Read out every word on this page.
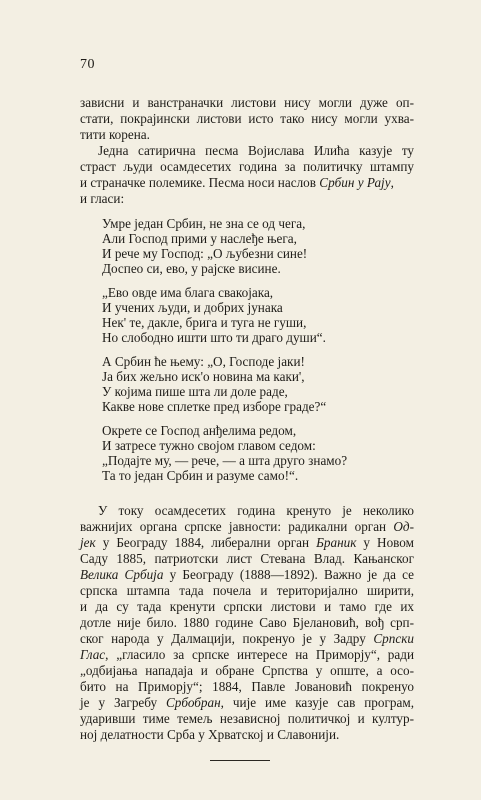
70
зависни и ванстраначки листови нису могли дуже оп-
стати, покрајински листови исто тако нису могли ухва-
тити корена.
Једна сатирична песма Војислава Илића казује ту
страст људи осамдесетих година за политичку штампу
и страначке полемике. Песма носи наслов Србин у Рају,
и гласи:
Умре један Србин, не зна се од чега,
Али Господ прими у наслеђе њега,
И рече му Господ: „О љубезни сине!
Доспео си, ево, у рајске висине.
„Ево овде има блага свакојака,
И учених људи, и добрих јунака
Нек' те, дакле, брига и туга не гуши,
Но слободно ишти што ти драго души“.
А Србин ће њему: „О, Господе јаки!
Ја бих жељно иск'о новина ма каки',
У којима пише шта ли доле раде,
Какве нове сплетке пред изборе граде?“
Окрете се Господ анђелима редом,
И затресе тужно својом главом седом:
„Подајте му, — рече, — а шта друго знамо?
Та то један Србин и разуме само!“.
У току осамдесетих година кренуто је неколико
важнијих органа српске јавности: радикални орган Од-
јек у Београду 1884, либерални орган Браник у Новом
Саду 1885, патриотски лист Стевана Влад. Кањанског
Велика Србија у Београду (1888—1892). Важно је да се
српска штампа тада почела и територијално ширити,
и да су тада кренути српски листови и тамо где их
дотле није било. 1880 године Саво Бјелановић, вођ срп-
ског народа у Далмацији, покренуо је у Задру Српски
Глас, „гласило за српске интересе на Приморју“, ради
„одбијања нападаја и обране Српства у опште, а осо-
бито на Приморју“; 1884, Павле Јовановић покренуо
је у Загребу Србобран, чије име казује сав програм,
ударивши тиме темељ независној политичкој и култур-
ној делатности Срба у Хрватској и Славонији.
